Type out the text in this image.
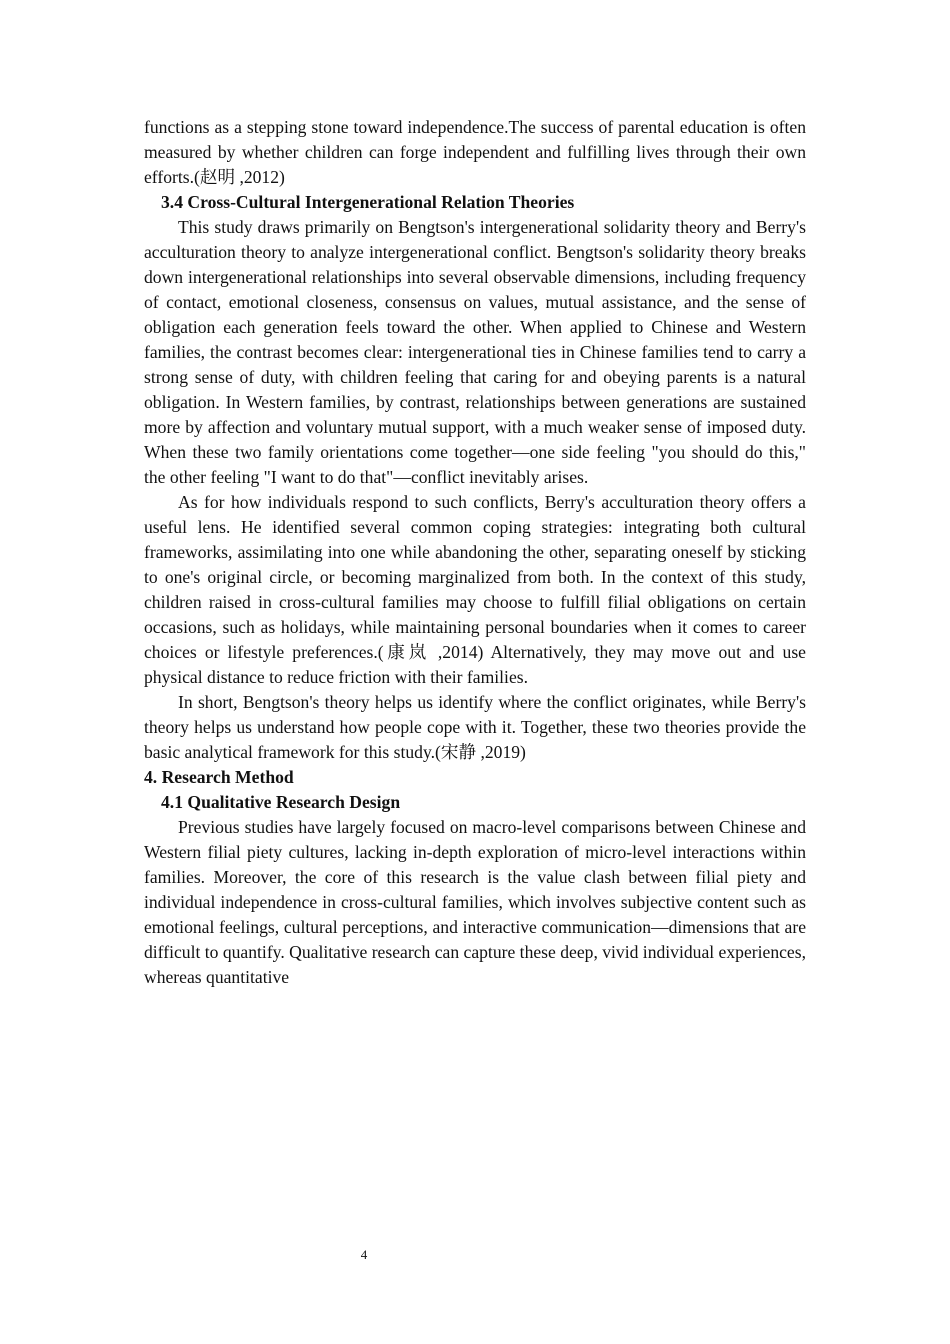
functions as a stepping stone toward independence.The success of parental education is often measured by whether children can forge independent and fulfilling lives through their own efforts.(赵明 ,2012)

3.4 Cross-Cultural Intergenerational Relation Theories

This study draws primarily on Bengtson's intergenerational solidarity theory and Berry's acculturation theory to analyze intergenerational conflict. Bengtson's solidarity theory breaks down intergenerational relationships into several observable dimensions, including frequency of contact, emotional closeness, consensus on values, mutual assistance, and the sense of obligation each generation feels toward the other. When applied to Chinese and Western families, the contrast becomes clear: intergenerational ties in Chinese families tend to carry a strong sense of duty, with children feeling that caring for and obeying parents is a natural obligation. In Western families, by contrast, relationships between generations are sustained more by affection and voluntary mutual support, with a much weaker sense of imposed duty. When these two family orientations come together—one side feeling "you should do this," the other feeling "I want to do that"—conflict inevitably arises.

As for how individuals respond to such conflicts, Berry's acculturation theory offers a useful lens. He identified several common coping strategies: integrating both cultural frameworks, assimilating into one while abandoning the other, separating oneself by sticking to one's original circle, or becoming marginalized from both. In the context of this study, children raised in cross-cultural families may choose to fulfill filial obligations on certain occasions, such as holidays, while maintaining personal boundaries when it comes to career choices or lifestyle preferences.(康岚 ,2014) Alternatively, they may move out and use physical distance to reduce friction with their families.

In short, Bengtson's theory helps us identify where the conflict originates, while Berry's theory helps us understand how people cope with it. Together, these two theories provide the basic analytical framework for this study.(宋静 ,2019)

4. Research Method
4.1 Qualitative Research Design

Previous studies have largely focused on macro-level comparisons between Chinese and Western filial piety cultures, lacking in-depth exploration of micro-level interactions within families. Moreover, the core of this research is the value clash between filial piety and individual independence in cross-cultural families, which involves subjective content such as emotional feelings, cultural perceptions, and interactive communication—dimensions that are difficult to quantify. Qualitative research can capture these deep, vivid individual experiences, whereas quantitative

4
